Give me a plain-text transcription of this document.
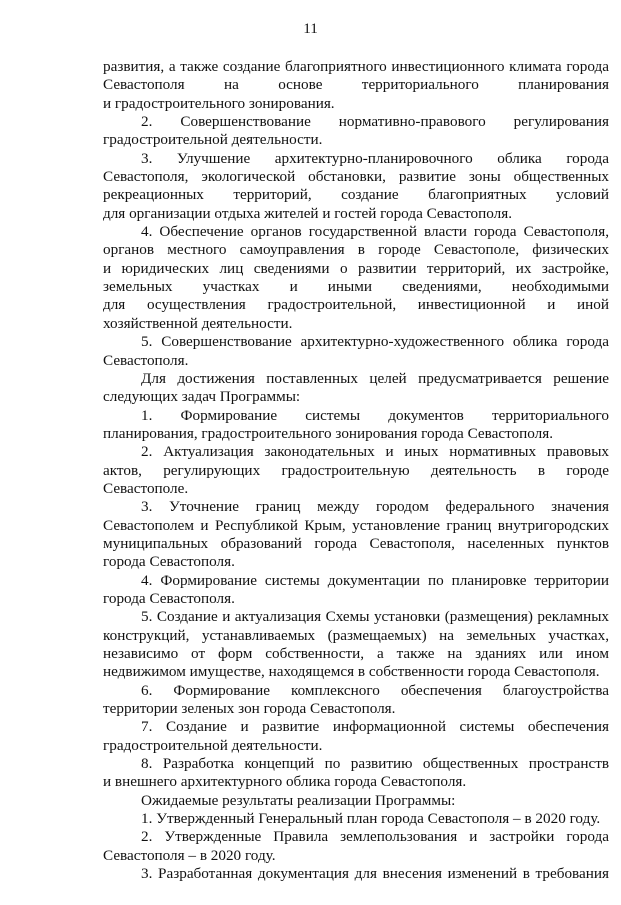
11
развития, а также создание благоприятного инвестиционного климата города
Севастополя на основе территориального планирования
и градостроительного зонирования.
2. Совершенствование нормативно-правового регулирования
градостроительной деятельности.
3. Улучшение архитектурно-планировочного облика города
Севастополя, экологической обстановки, развитие зоны общественных
рекреационных территорий, создание благоприятных условий
для организации отдыха жителей и гостей города Севастополя.
4. Обеспечение органов государственной власти города Севастополя,
органов местного самоуправления в городе Севастополе, физических
и юридических лиц сведениями о развитии территорий, их застройке,
земельных участках и иными сведениями, необходимыми
для осуществления градостроительной, инвестиционной и иной
хозяйственной деятельности.
5. Совершенствование архитектурно-художественного облика города
Севастополя.
Для достижения поставленных целей предусматривается решение
следующих задач Программы:
1. Формирование системы документов территориального
планирования, градостроительного зонирования города Севастополя.
2. Актуализация законодательных и иных нормативных правовых
актов, регулирующих градостроительную деятельность в городе
Севастополе.
3. Уточнение границ между городом федерального значения
Севастополем и Республикой Крым, установление границ внутригородских
муниципальных образований города Севастополя, населенных пунктов
города Севастополя.
4. Формирование системы документации по планировке территории
города Севастополя.
5. Создание и актуализация Схемы установки (размещения) рекламных
конструкций, устанавливаемых (размещаемых) на земельных участках,
независимо от форм собственности, а также на зданиях или ином
недвижимом имуществе, находящемся в собственности города Севастополя.
6. Формирование комплексного обеспечения благоустройства
территории зеленых зон города Севастополя.
7. Создание и развитие информационной системы обеспечения
градостроительной деятельности.
8. Разработка концепций по развитию общественных пространств
и внешнего архитектурного облика города Севастополя.
Ожидаемые результаты реализации Программы:
1. Утвержденный Генеральный план города Севастополя – в 2020 году.
2. Утвержденные Правила землепользования и застройки города
Севастополя – в 2020 году.
3. Разработанная документация для внесения изменений в требования
